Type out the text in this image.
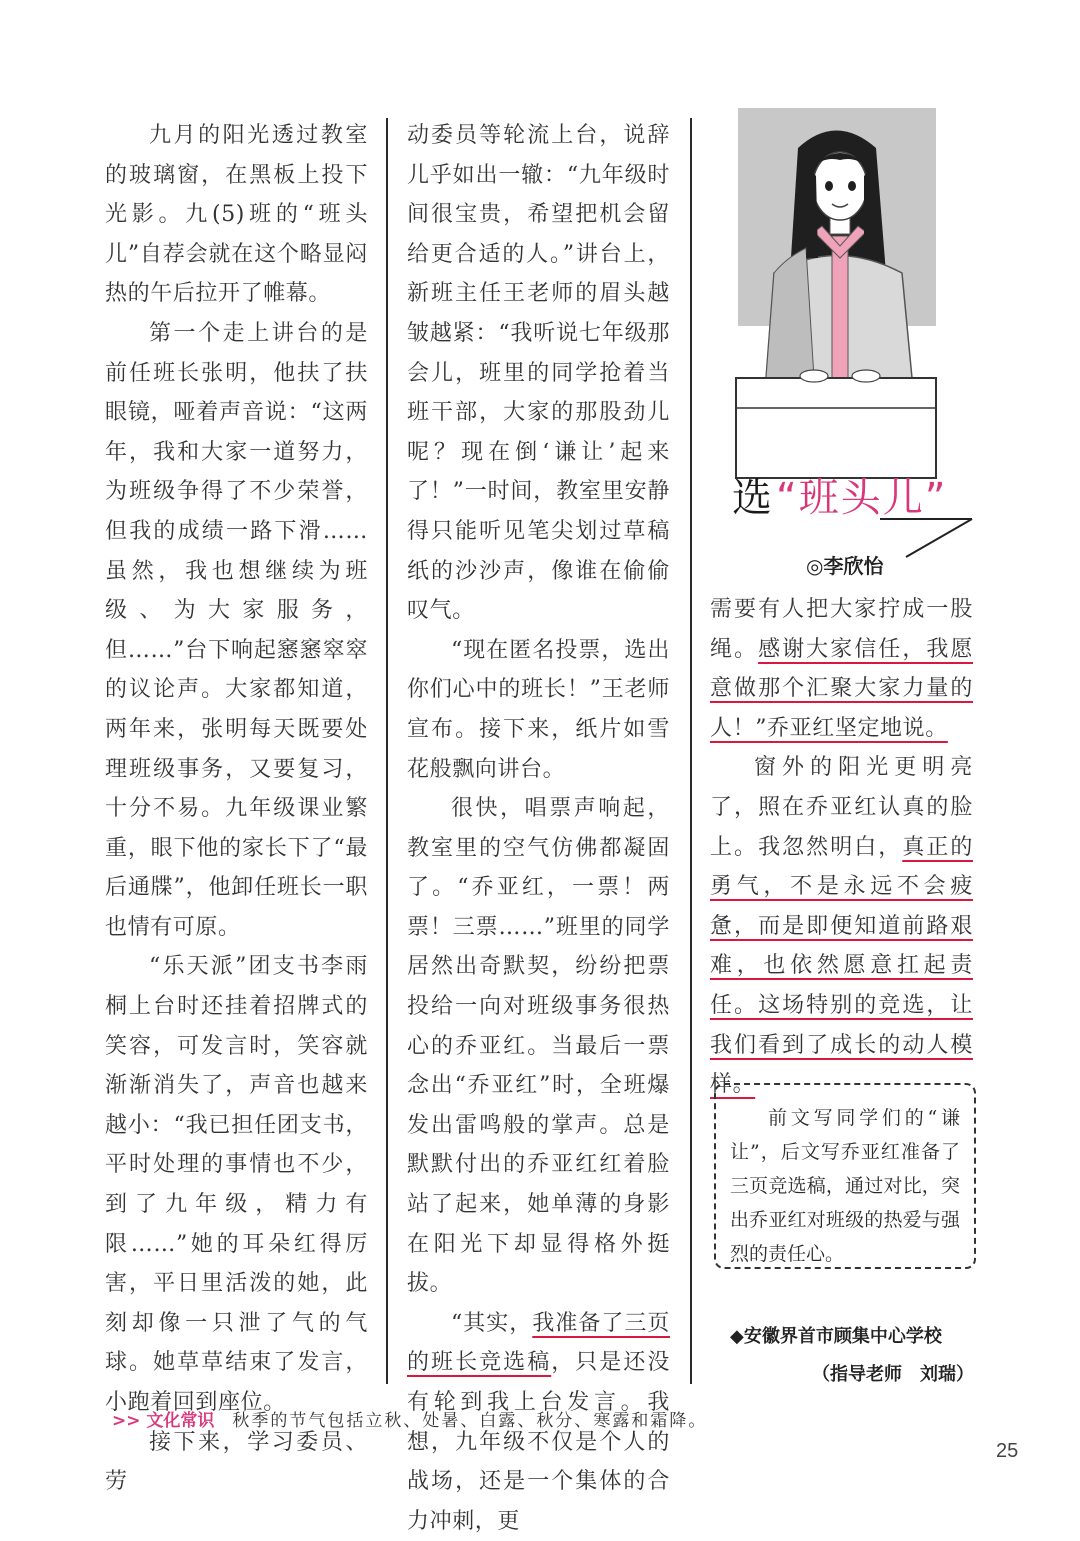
九月的阳光透过教室的玻璃窗，在黑板上投下光影。九(5)班的“班头儿”自荐会就在这个略显闷热的午后拉开了帷幕。

第一个走上讲台的是前任班长张明，他扶了扶眼镜，哑着声音说：“这两年，我和大家一道努力，为班级争得了不少荣誉，但我的成绩一路下滑……虽然，我也想继续为班级、为大家服务，但……”台下响起窸窸窣窣的议论声。大家都知道，两年来，张明每天既要处理班级事务，又要复习，十分不易。九年级课业繁重，眼下他的家长下了“最后通牒”，他卸任班长一职也情有可原。

“乐天派”团支书李雨桐上台时还挂着招牌式的笑容，可发言时，笑容就渐渐消失了，声音也越来越小：“我已担任团支书，平时处理的事情也不少，到了九年级，精力有限……”她的耳朵红得厉害，平日里活泼的她，此刻却像一只泄了气的气球。她草草结束了发言，小跑着回到座位。

接下来，学习委员、劳

动委员等轮流上台，说辞儿乎如出一辙：“九年级时间很宝贵，希望把机会留给更合适的人。”讲台上，新班主任王老师的眉头越皱越紧：“我听说七年级那会儿，班里的同学抢着当班干部，大家的那股劲儿呢？现在倒‘谦让’起来了！”一时间，教室里安静得只能听见笔尖划过草稿纸的沙沙声，像谁在偷偷叹气。

“现在匿名投票，选出你们心中的班长！”王老师宣布。接下来，纸片如雪花般飘向讲台。

很快，唱票声响起，教室里的空气仿佛都凝固了。“乔亚红，一票！两票！三票……”班里的同学居然出奇默契，纷纷把票投给一向对班级事务很热心的乔亚红。当最后一票念出“乔亚红”时，全班爆发出雷鸣般的掌声。总是默默付出的乔亚红红着脸站了起来，她单薄的身影在阳光下却显得格外挺拔。

“其实，我准备了三页的班长竞选稿，只是还没有轮到我上台发言。我想，九年级不仅是个人的战场，还是一个集体的合力冲刺，更

选 “班头儿”
◎李欣怡

需要有人把大家拧成一股绳。感谢大家信任，我愿意做那个汇聚大家力量的人！”乔亚红坚定地说。

窗外的阳光更明亮了，照在乔亚红认真的脸上。我忽然明白，真正的勇气，不是永远不会疲惫，而是即便知道前路艰难，也依然愿意扛起责任。这场特别的竞选，让我们看到了成长的动人模样。

前文写同学们的“谦让”，后文写乔亚红准备了三页竞选稿，通过对比，突出乔亚红对班级的热爱与强烈的责任心。

◆安徽界首市顾集中心学校
（指导老师　刘瑞）
>> 文化常识 秋季的节气包括立秋、处暑、白露、秋分、寒露和霜降。
25
